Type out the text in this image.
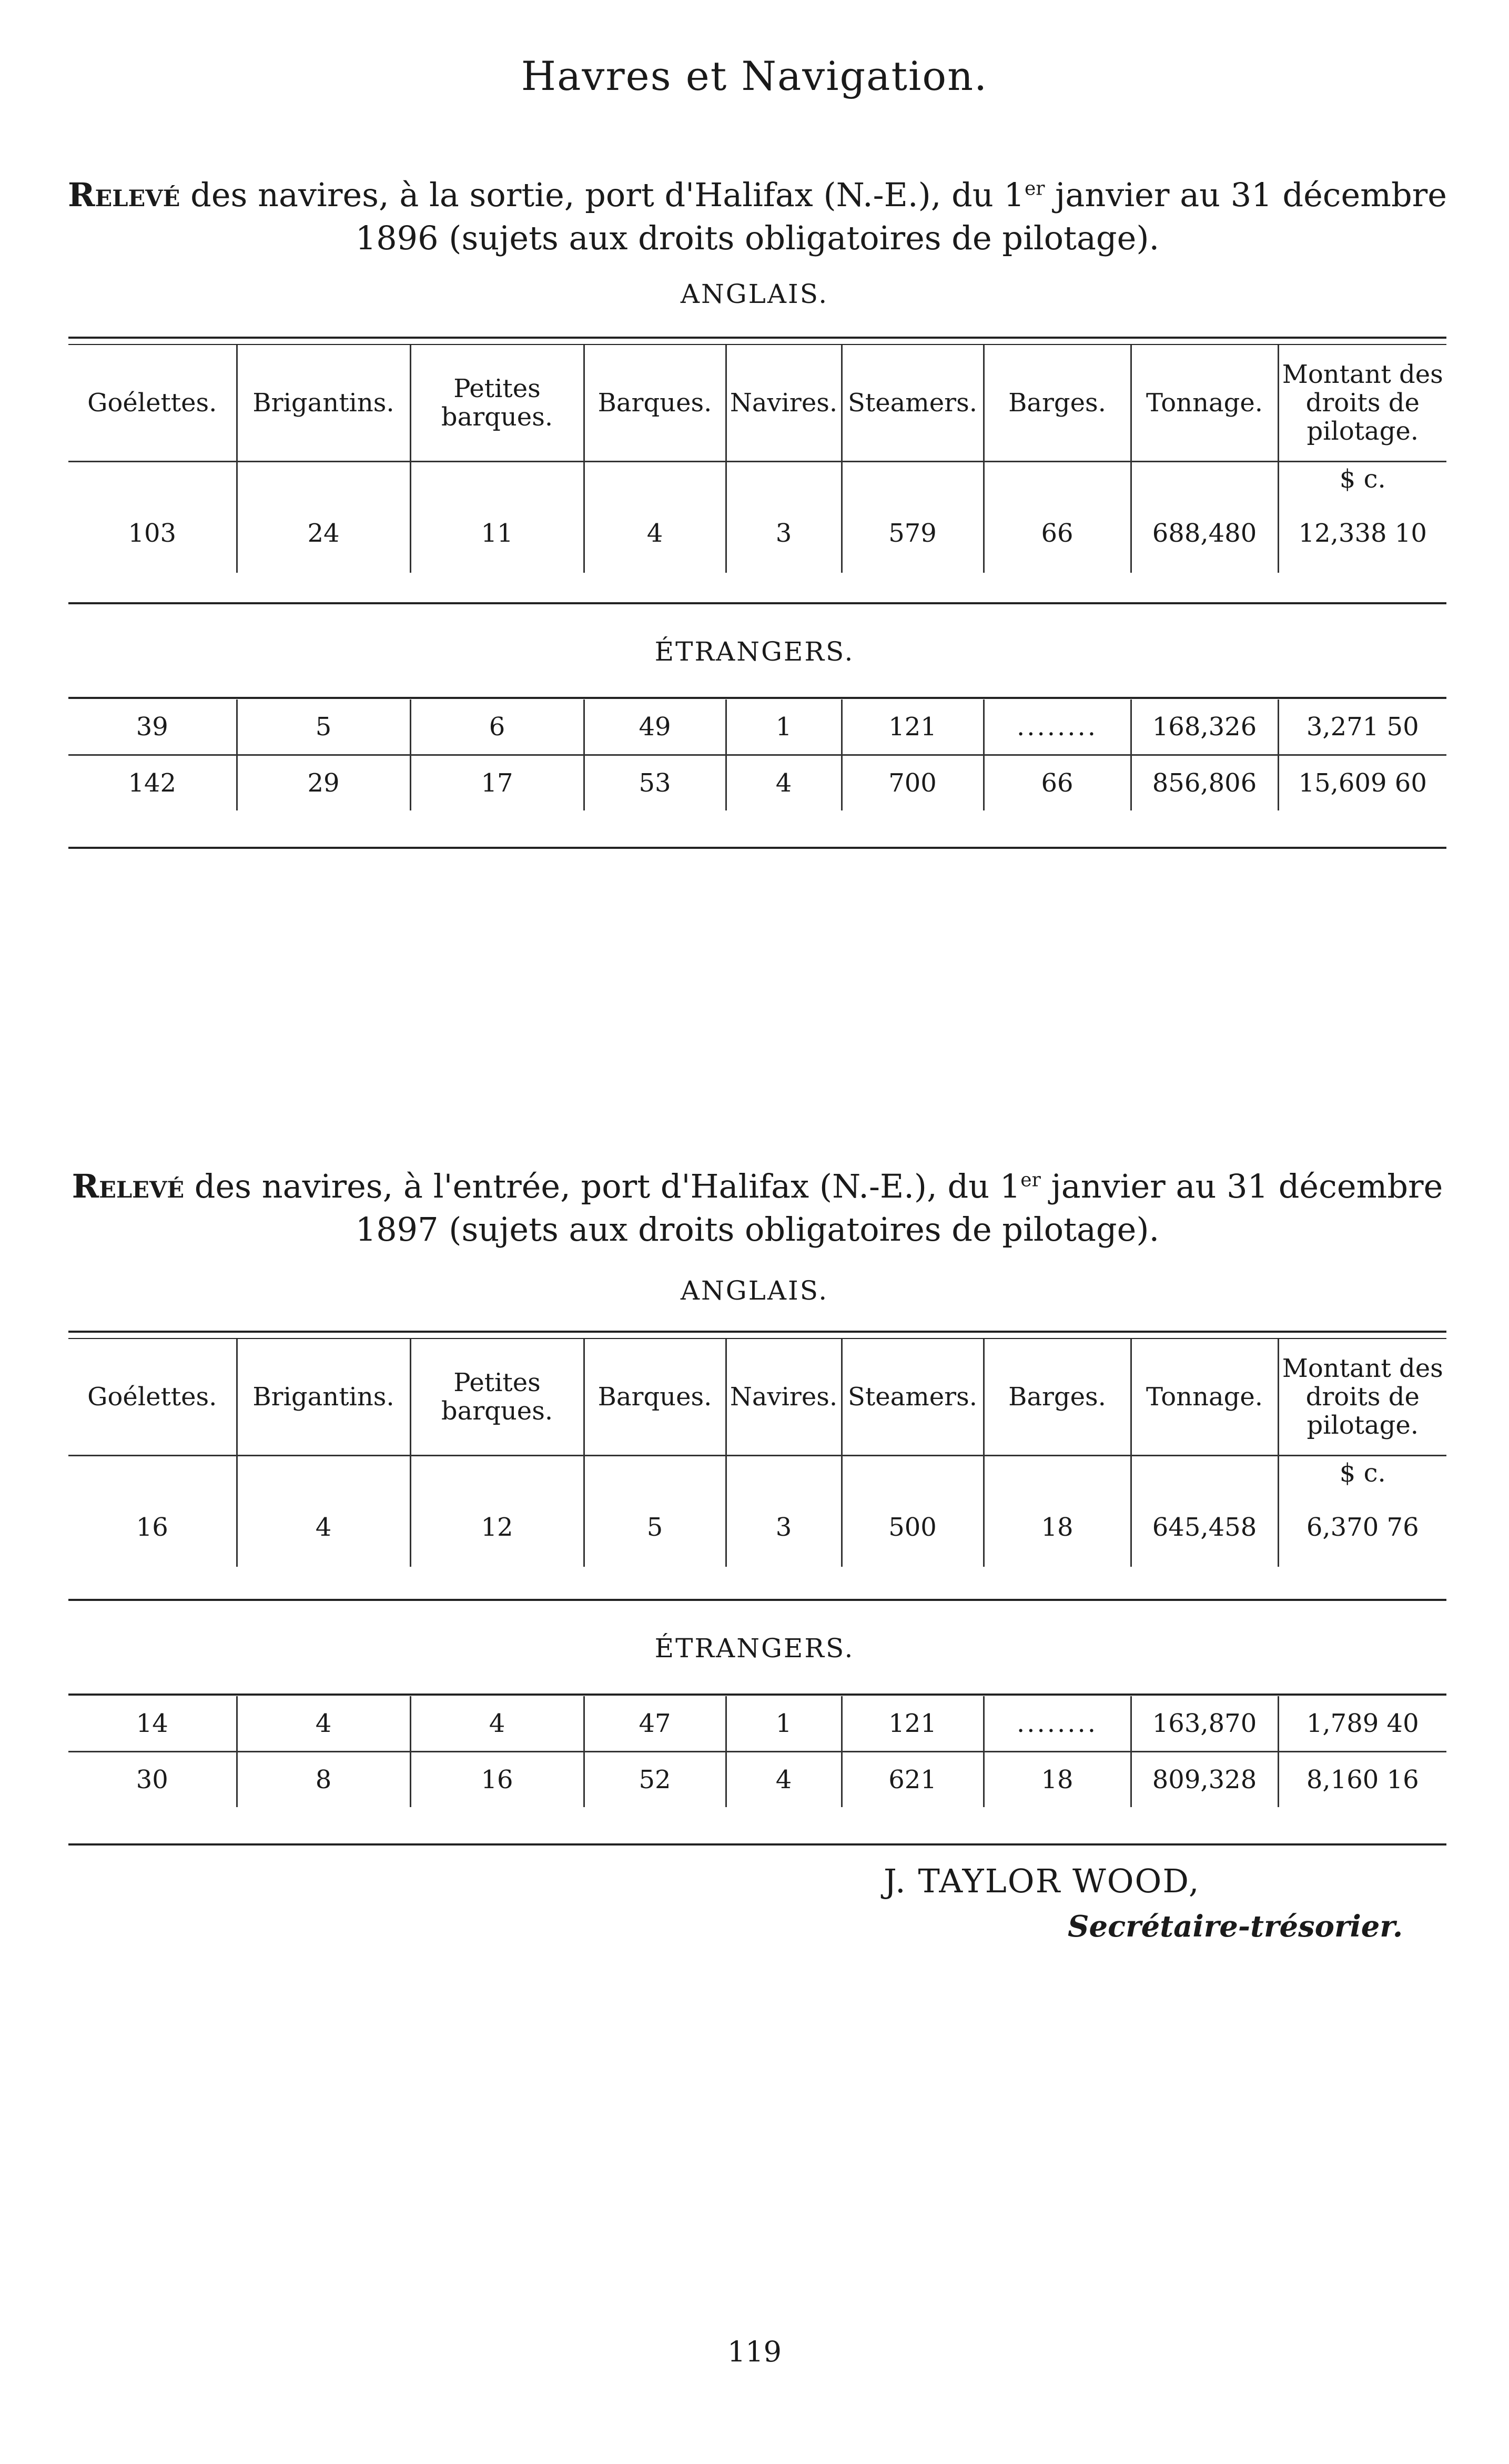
Havres et Navigation.
Relevé des navires, à la sortie, port d'Halifax (N.-E.), du 1er janvier au 31 décembre
1896 (sujets aux droits obligatoires de pilotage).
ANGLAIS.
Goélettes.	Brigantins.	Petites barques.	Barques.	Navires.	Steamers.	Barges.	Tonnage.	Montant des droits de pilotage.
								$ c.
103	24	11	4	3	579	66	688,480	12,338 10
ÉTRANGERS.
39	5	6	49	1	121	........	168,326	3,271 50
142	29	17	53	4	700	66	856,806	15,609 60
Relevé des navires, à l'entrée, port d'Halifax (N.-E.), du 1er janvier au 31 décembre
1897 (sujets aux droits obligatoires de pilotage).
ANGLAIS.
Goélettes.	Brigantins.	Petites barques.	Barques.	Navires.	Steamers.	Barges.	Tonnage.	Montant des droits de pilotage.
								$ c.
16	4	12	5	3	500	18	645,458	6,370 76
ÉTRANGERS.
14	4	4	47	1	121	........	163,870	1,789 40
30	8	16	52	4	621	18	809,328	8,160 16
J. TAYLOR WOOD,
Secrétaire-trésorier.
119
